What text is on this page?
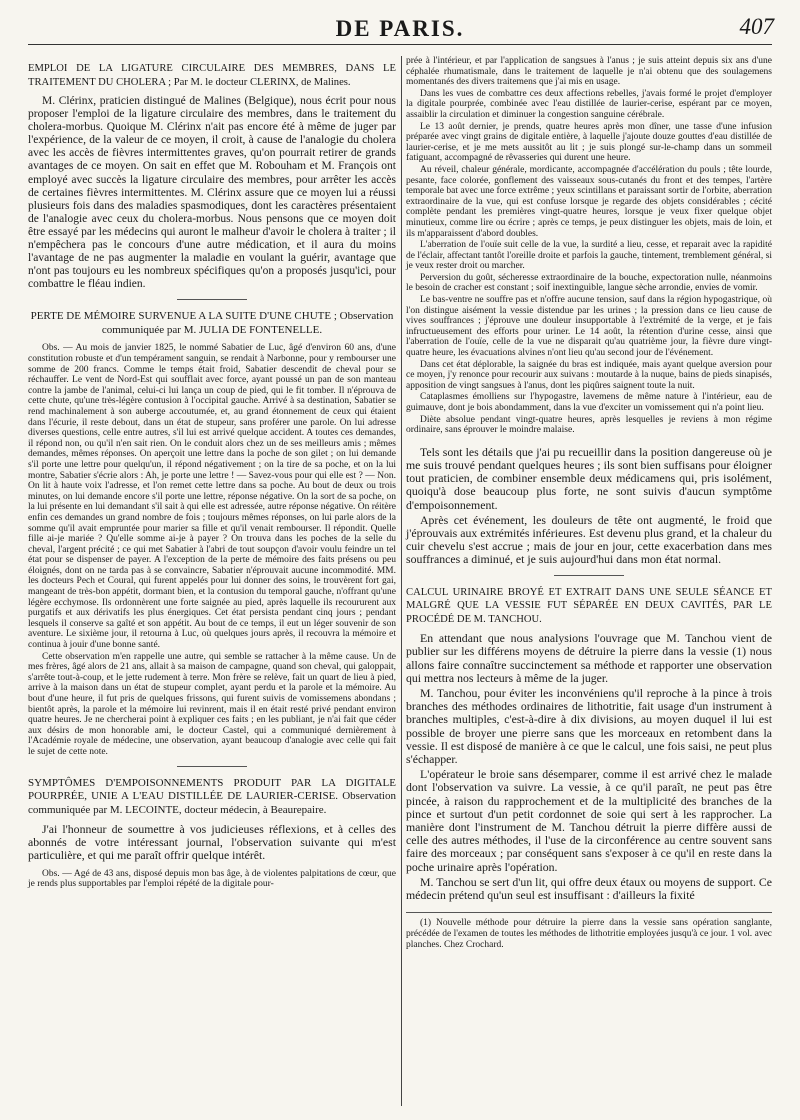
DE PARIS.	407
EMPLOI DE LA LIGATURE CIRCULAIRE DES MEMBRES, DANS LE TRAITEMENT DU CHOLERA ; Par M. le docteur CLERINX, de Malines.

M. Clérinx, praticien distingué de Malines (Belgique), nous écrit pour nous proposer l'emploi de la ligature circulaire des membres, dans le traitement du cholera-morbus. Quoique M. Clérinx n'ait pas encore été à même de juger par l'expérience, de la valeur de ce moyen, il croit, à cause de l'analogie du cholera avec les accès de fièvres intermittentes graves, qu'on pourrait retirer de grands avantages de ce moyen. On sait en effet que M. Robouham et M. François ont employé avec succès la ligature circulaire des membres, pour arrêter les accès de certaines fièvres intermittentes. M. Clérinx assure que ce moyen lui a réussi plusieurs fois dans des maladies spasmodiques, dont les caractères présentaient de l'analogie avec ceux du cholera-morbus. Nous pensons que ce moyen doit être essayé par les médecins qui auront le malheur d'avoir le cholera à traiter ; il n'empêchera pas le concours d'une autre médication, et il aura du moins l'avantage de ne pas augmenter la maladie en voulant la guérir, avantage que n'ont pas toujours eu les nombreux spécifiques qu'on a proposés jusqu'ici, pour combattre le fléau indien.

PERTE DE MÉMOIRE SURVENUE A LA SUITE D'UNE CHUTE ; Observation communiquée par M. JULIA DE FONTENELLE.

Obs. — Au mois de janvier 1825, le nommé Sabatier de Luc, âgé d'environ 60 ans, d'une constitution robuste et d'un tempérament sanguin, se rendait à Narbonne, pour y rembourser une somme de 200 francs. Comme le temps était froid, Sabatier descendit de cheval pour se réchauffer. Le vent de Nord-Est qui soufflait avec force, ayant poussé un pan de son manteau contre la jambe de l'animal, celui-ci lui lança un coup de pied, qui le fit tomber. Il n'éprouva de cette chute, qu'une très-légère contusion à l'occipital gauche. Arrivé à sa destination, Sabatier se rend machinalement à son auberge accoutumée, et, au grand étonnement de ceux qui étaient dans l'écurie, il reste debout, dans un état de stupeur, sans proférer une parole. On lui adresse diverses questions, celle entre autres, s'il lui est arrivé quelque accident. A toutes ces demandes, il répond non, ou qu'il n'en sait rien. On le conduit alors chez un de ses meilleurs amis ; mêmes demandes, mêmes réponses. On aperçoit une lettre dans la poche de son gilet ; on lui demande s'il porte une lettre pour quelqu'un, il répond négativement ; on la tire de sa poche, et on la lui montre, Sabatier s'écrie alors : Ah, je porte une lettre ! — Savez-vous pour qui elle est ? — Non. On lit à haute voix l'adresse, et l'on remet cette lettre dans sa poche. Au bout de deux ou trois minutes, on lui demande encore s'il porte une lettre, réponse négative. On la sort de sa poche, on la lui présente en lui demandant s'il sait à qui elle est adressée, autre réponse négative. On réitère enfin ces demandes un grand nombre de fois ; toujours mêmes réponses, on lui parle alors de la somme qu'il avait empruntée pour marier sa fille et qu'il venait rembourser. Il répondit. Quelle fille ai-je mariée ? Qu'elle somme ai-je à payer ? On trouva dans les poches de la selle du cheval, l'argent précité ; ce qui met Sabatier à l'abri de tout soupçon d'avoir voulu feindre un tel état pour se dispenser de payer. A l'exception de la perte de mémoire des faits présens ou peu éloignés, dont on ne tarda pas à se convaincre, Sabatier n'éprouvait aucune incommodité. MM. les docteurs Pech et Coural, qui furent appelés pour lui donner des soins, le trouvèrent fort gai, mangeant de très-bon appétit, dormant bien, et la contusion du temporal gauche, n'offrant qu'une légère ecchymose. Ils ordonnèrent une forte saignée au pied, après laquelle ils recoururent aux purgatifs et aux dérivatifs les plus énergiques. Cet état persista pendant cinq jours ; pendant lesquels il conserve sa gaîté et son appétit. Au bout de ce temps, il eut un léger souvenir de son aventure. Le sixième jour, il retourna à Luc, où quelques jours après, il recouvra la mémoire et continua à jouir d'une bonne santé.

Cette observation m'en rappelle une autre, qui semble se rattacher à la même cause. Un de mes frères, âgé alors de 21 ans, allait à sa maison de campagne, quand son cheval, qui galoppait, s'arrête tout-à-coup, et le jette rudement à terre. Mon frère se relève, fait un quart de lieu à pied, arrive à la maison dans un état de stupeur complet, ayant perdu et la parole et la mémoire. Au bout d'une heure, il fut pris de quelques frissons, qui furent suivis de vomissemens abondans ; bientôt après, la parole et la mémoire lui revinrent, mais il en était resté privé pendant environ quatre heures. Je ne chercherai point à expliquer ces faits ; en les publiant, je n'ai fait que céder aux désirs de mon honorable ami, le docteur Castel, qui a communiqué dernièrement à l'Académie royale de médecine, une observation, ayant beaucoup d'analogie avec celle qui fait le sujet de cette note.

SYMPTÔMES D'EMPOISONNEMENTS PRODUIT PAR LA DIGITALE POURPRÉE, UNIE A L'EAU DISTILLÉE DE LAURIER-CERISE. Observation communiquée par M. LECOINTE, docteur médecin, à Beaurepaire.

J'ai l'honneur de soumettre à vos judicieuses réflexions, et à celles des abonnés de votre intéressant journal, l'observation suivante qui m'est particulière, et qui me paraît offrir quelque intérêt.

Obs. — Agé de 43 ans, disposé depuis mon bas âge, à de violentes palpitations de cœur, que je rends plus supportables par l'emploi répété de la digitale pour-

prée à l'intérieur, et par l'application de sangsues à l'anus ; je suis atteint depuis six ans d'une céphalée rhumatismale, dans le traitement de laquelle je n'ai obtenu que des soulagemens momentanés des divers traitemens que j'ai mis en usage.

Dans les vues de combattre ces deux affections rebelles, j'avais formé le projet d'employer la digitale pourprée, combinée avec l'eau distillée de laurier-cerise, espérant par ce moyen, assaiblir la circulation et diminuer la congestion sanguine cérébrale.

Le 13 août dernier, je prends, quatre heures après mon dîner, une tasse d'une infusion préparée avec vingt grains de digitale entière, à laquelle j'ajoute douze gouttes d'eau distillée de laurier-cerise, et je me mets aussitôt au lit ; je suis plongé sur-le-champ dans un sommeil fatiguant, accompagné de rêvasseries qui durent une heure.

Au réveil, chaleur générale, mordicante, accompagnée d'accélération du pouls ; tête lourde, pesante, face colorée, gonflement des vaisseaux sous-cutanés du front et des tempes, l'artère temporale bat avec une force extrême ; yeux scintillans et paraissant sortir de l'orbite, aberration extraordinaire de la vue, qui est confuse lorsque je regarde des objets considérables ; cécité complète pendant les premières vingt-quatre heures, lorsque je veux fixer quelque objet minutieux, comme lire ou écrire ; après ce temps, je peux distinguer les objets, mais de loin, et ils m'apparaissent d'abord doubles.

L'aberration de l'ouïe suit celle de la vue, la surdité a lieu, cesse, et reparait avec la rapidité de l'éclair, affectant tantôt l'oreille droite et parfois la gauche, tintement, tremblement général, si je veux rester droit ou marcher.

Perversion du goût, sécheresse extraordinaire de la bouche, expectoration nulle, néanmoins le besoin de cracher est constant ; soif inextinguible, langue sèche arrondie, envies de vomir.

Le bas-ventre ne souffre pas et n'offre aucune tension, sauf dans la région hypogastrique, où l'on distingue aisément la vessie distendue par les urines ; la pression dans ce lieu cause de vives souffrances ; j'éprouve une douleur insupportable à l'extrémité de la verge, et je fais infructueusement des efforts pour uriner. Le 14 août, la rétention d'urine cesse, ainsi que l'aberration de l'ouïe, celle de la vue ne disparait qu'au quatrième jour, la fièvre dure vingt-quatre heure, les évacuations alvines n'ont lieu qu'au second jour de l'événement.

Dans cet état déplorable, la saignée du bras est indiquée, mais ayant quelque aversion pour ce moyen, j'y renonce pour recourir aux suivans : moutarde à la nuque, bains de pieds sinapisés, apposition de vingt sangsues à l'anus, dont les piqûres saignent toute la nuit.

Cataplasmes émolliens sur l'hypogastre, lavemens de même nature à l'intérieur, eau de guimauve, dont je bois abondamment, dans la vue d'exciter un vomissement qui n'a point lieu.

Diète absolue pendant vingt-quatre heures, après lesquelles je reviens à mon régime ordinaire, sans éprouver le moindre malaise.

Tels sont les détails que j'ai pu recueillir dans la position dangereuse où je me suis trouvé pendant quelques heures ; ils sont bien suffisans pour éloigner tout praticien, de combiner ensemble deux médicamens qui, pris isolément, quoiqu'à dose beaucoup plus forte, ne sont suivis d'aucun symptôme d'empoisonnement.

Après cet événement, les douleurs de tête ont augmenté, le froid que j'éprouvais aux extrémités inférieures. Est devenu plus grand, et la chaleur du cuir chevelu s'est accrue ; mais de jour en jour, cette exacerbation dans mes souffrances a diminué, et je suis aujourd'hui dans mon état normal.

CALCUL URINAIRE BROYÉ ET EXTRAIT DANS UNE SEULE SÉANCE ET MALGRÉ QUE LA VESSIE FUT SÉPARÉE EN DEUX CAVITÉS, PAR LE PROCÉDÉ DE M. TANCHOU.

En attendant que nous analysions l'ouvrage que M. Tanchou vient de publier sur les différens moyens de détruire la pierre dans la vessie (1) nous allons faire connaître succinctement sa méthode et rapporter une observation qui mettra nos lecteurs à même de la juger.

M. Tanchou, pour éviter les inconvéniens qu'il reproche à la pince à trois branches des méthodes ordinaires de lithotritie, fait usage d'un instrument à branches multiples, c'est-à-dire à dix divisions, au moyen duquel il lui est possible de broyer une pierre sans que les morceaux en retombent dans la vessie. Il est disposé de manière à ce que le calcul, une fois saisi, ne peut plus s'échapper.

L'opérateur le broie sans désemparer, comme il est arrivé chez le malade dont l'observation va suivre. La vessie, à ce qu'il paraît, ne peut pas être pincée, à raison du rapprochement et de la multiplicité des branches de la pince et surtout d'un petit cordonnet de soie qui sert à les rapprocher. La manière dont l'instrument de M. Tanchou détruit la pierre diffère aussi de celle des autres méthodes, il l'use de la circonférence au centre souvent sans faire des morceaux ; par conséquent sans s'exposer à ce qu'il en reste dans la poche urinaire après l'opération.

M. Tanchou se sert d'un lit, qui offre deux étaux ou moyens de support. Ce médecin prétend qu'un seul est insuffisant : d'ailleurs la fixité

(1) Nouvelle méthode pour détruire la pierre dans la vessie sans opération sanglante, précédée de l'examen de toutes les méthodes de lithotritie employées jusqu'à ce jour. 1 vol. avec planches. Chez Crochard.
